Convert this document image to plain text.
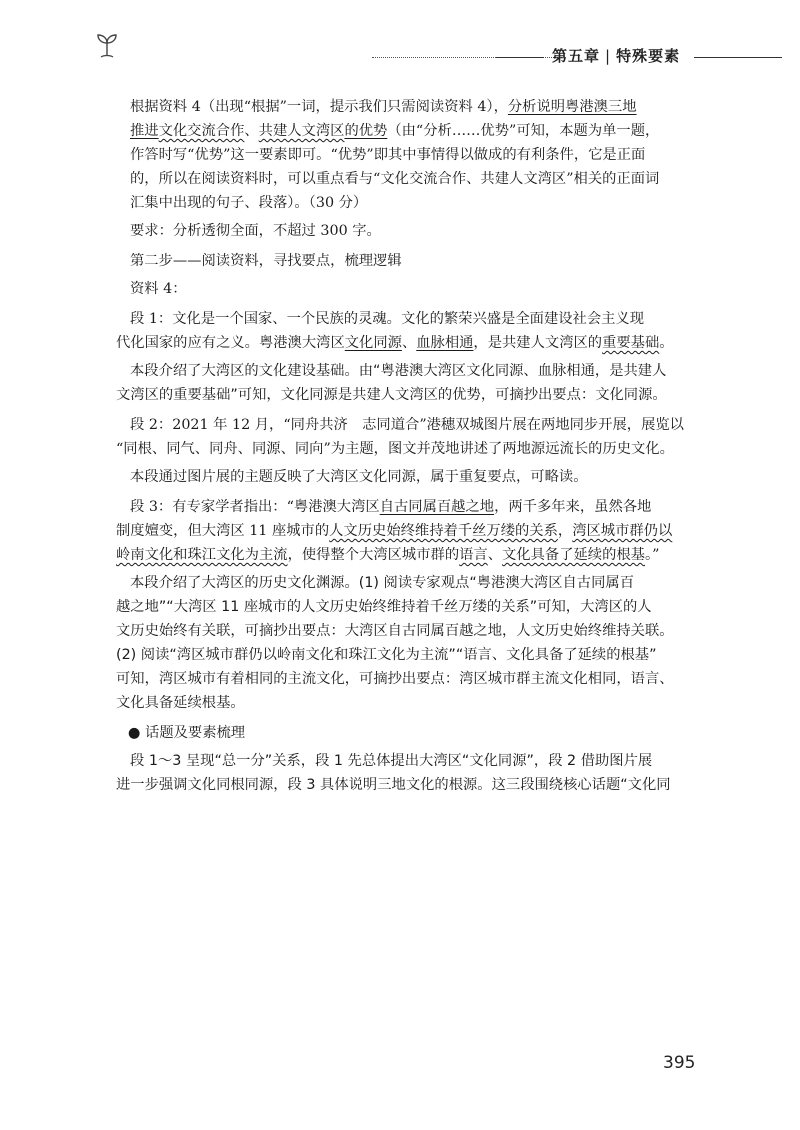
第五章 | 特殊要素
根据资料 4（出现“根据”一词，提示我们只需阅读资料 4），分析说明粤港澳三地
推进文化交流合作、共建人文湾区的优势（由“分析……优势”可知，本题为单一题，
作答时写“优势”这一要素即可。“优势”即其中事情得以做成的有利条件，它是正面
的，所以在阅读资料时，可以重点看与“文化交流合作、共建人文湾区”相关的正面词
汇集中出现的句子、段落）。（30 分）
要求：分析透彻全面，不超过 300 字。
第二步——阅读资料，寻找要点，梳理逻辑
资料 4：
段 1：文化是一个国家、一个民族的灵魂。文化的繁荣兴盛是全面建设社会主义现
代化国家的应有之义。粤港澳大湾区文化同源、血脉相通，是共建人文湾区的重要基础。
本段介绍了大湾区的文化建设基础。由“粤港澳大湾区文化同源、血脉相通，是共建人
文湾区的重要基础”可知，文化同源是共建人文湾区的优势，可摘抄出要点：文化同源。
段 2：2021 年 12 月，“同舟共济　志同道合”港穗双城图片展在两地同步开展，展览以
“同根、同气、同舟、同源、同向”为主题，图文并茂地讲述了两地源远流长的历史文化。
本段通过图片展的主题反映了大湾区文化同源，属于重复要点，可略读。
段 3：有专家学者指出：“粤港澳大湾区自古同属百越之地，两千多年来，虽然各地
制度嬗变，但大湾区 11 座城市的人文历史始终维持着千丝万缕的关系，湾区城市群仍以
岭南文化和珠江文化为主流，使得整个大湾区城市群的语言、文化具备了延续的根基。”
本段介绍了大湾区的历史文化渊源。(1) 阅读专家观点“粤港澳大湾区自古同属百
越之地”“大湾区 11 座城市的人文历史始终维持着千丝万缕的关系”可知，大湾区的人
文历史始终有关联，可摘抄出要点：大湾区自古同属百越之地，人文历史始终维持关联。
(2) 阅读“湾区城市群仍以岭南文化和珠江文化为主流”“语言、文化具备了延续的根基”
可知，湾区城市有着相同的主流文化，可摘抄出要点：湾区城市群主流文化相同，语言、
文化具备延续根基。
● 话题及要素梳理
段 1～3 呈现“总一分”关系，段 1 先总体提出大湾区“文化同源”，段 2 借助图片展
进一步强调文化同根同源，段 3 具体说明三地文化的根源。这三段围绕核心话题“文化同
395
